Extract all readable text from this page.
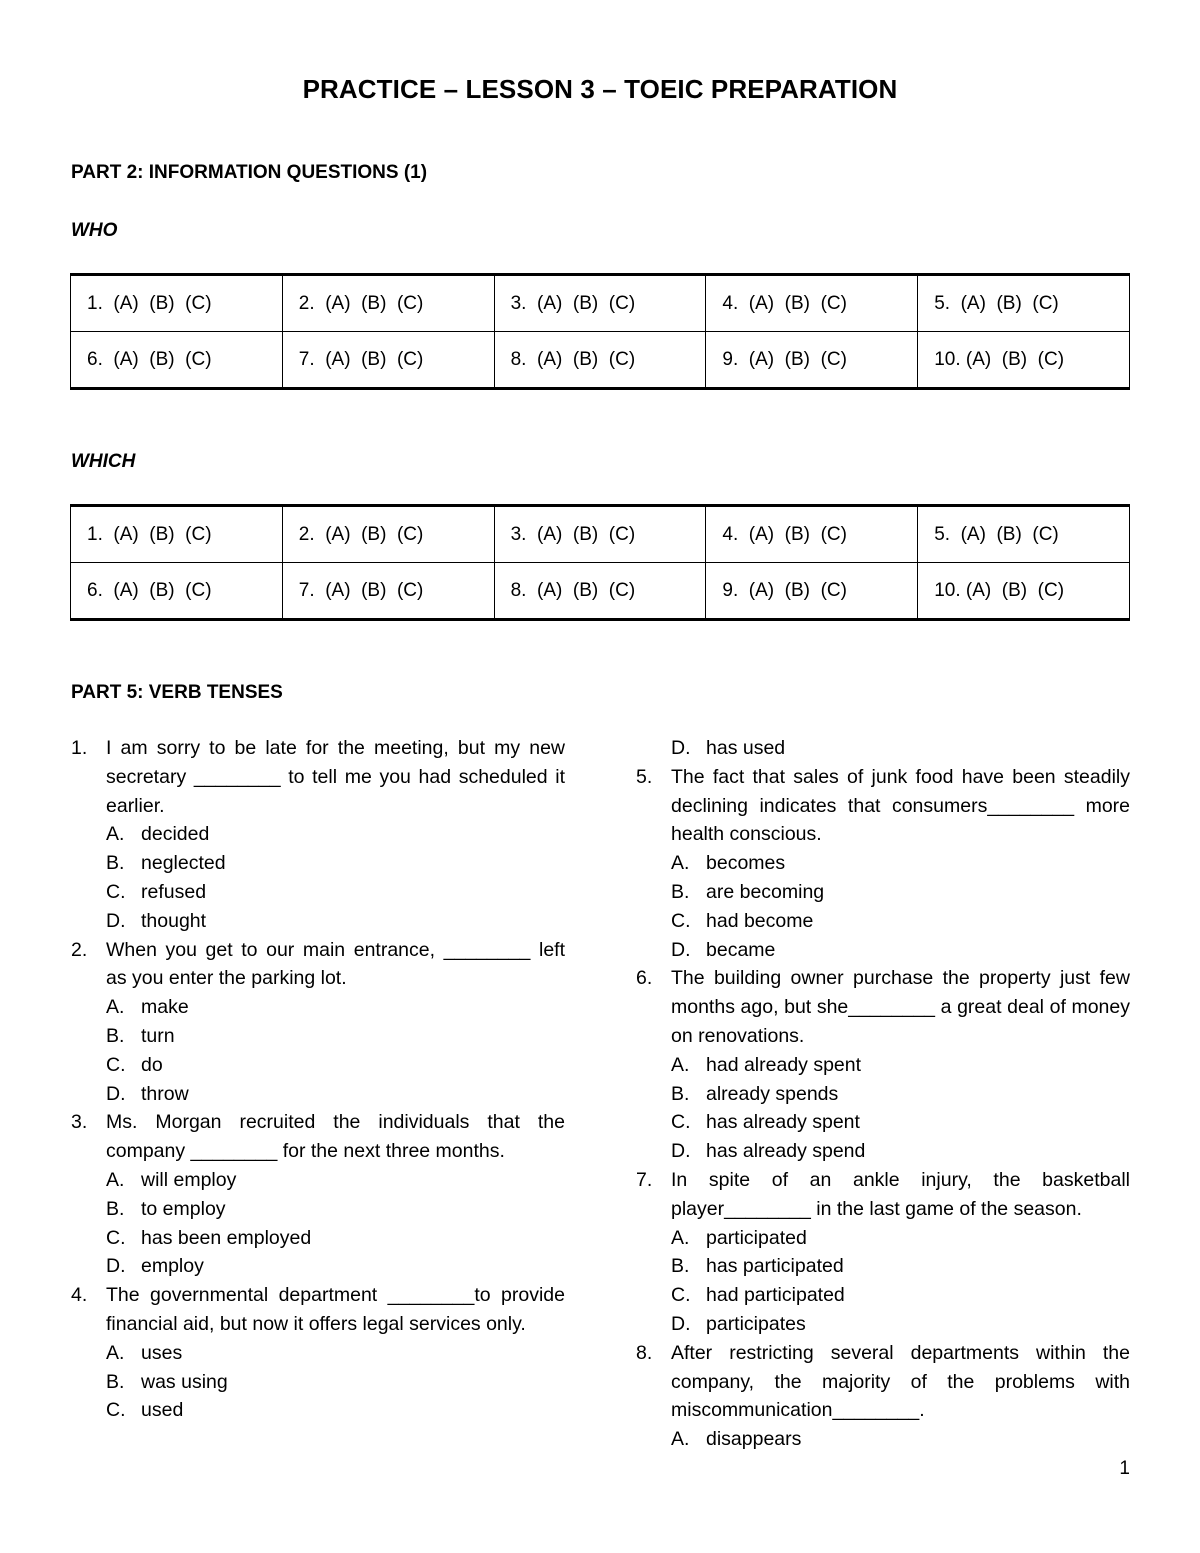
PRACTICE – LESSON 3 – TOEIC PREPARATION
PART 2: INFORMATION QUESTIONS (1)
WHO
1.  (A)  (B)  (C)	2.  (A)  (B)  (C)	3.  (A)  (B)  (C)	4.  (A)  (B)  (C)	5.  (A)  (B)  (C)
6.  (A)  (B)  (C)	7.  (A)  (B)  (C)	8.  (A)  (B)  (C)	9.  (A)  (B)  (C)	10. (A)  (B)  (C)
WHICH
1.  (A)  (B)  (C)	2.  (A)  (B)  (C)	3.  (A)  (B)  (C)	4.  (A)  (B)  (C)	5.  (A)  (B)  (C)
6.  (A)  (B)  (C)	7.  (A)  (B)  (C)	8.  (A)  (B)  (C)	9.  (A)  (B)  (C)	10. (A)  (B)  (C)
PART 5: VERB TENSES
1. I am sorry to be late for the meeting, but my new secretary ________ to tell me you had scheduled it earlier.
A. decided
B. neglected
C. refused
D. thought
2. When you get to our main entrance, ________ left as you enter the parking lot.
A. make
B. turn
C. do
D. throw
3. Ms. Morgan recruited the individuals that the company ________ for the next three months.
A. will employ
B. to employ
C. has been employed
D. employ
4. The governmental department ________to provide financial aid, but now it offers legal services only.
A. uses
B. was using
C. used
D. has used
5. The fact that sales of junk food have been steadily declining indicates that consumers________ more health conscious.
A. becomes
B. are becoming
C. had become
D. became
6. The building owner purchase the property just few months ago, but she________ a great deal of money on renovations.
A. had already spent
B. already spends
C. has already spent
D. has already spend
7. In spite of an ankle injury, the basketball player________ in the last game of the season.
A. participated
B. has participated
C. had participated
D. participates
8. After restricting several departments within the company, the majority of the problems with miscommunication________.
A. disappears
1
